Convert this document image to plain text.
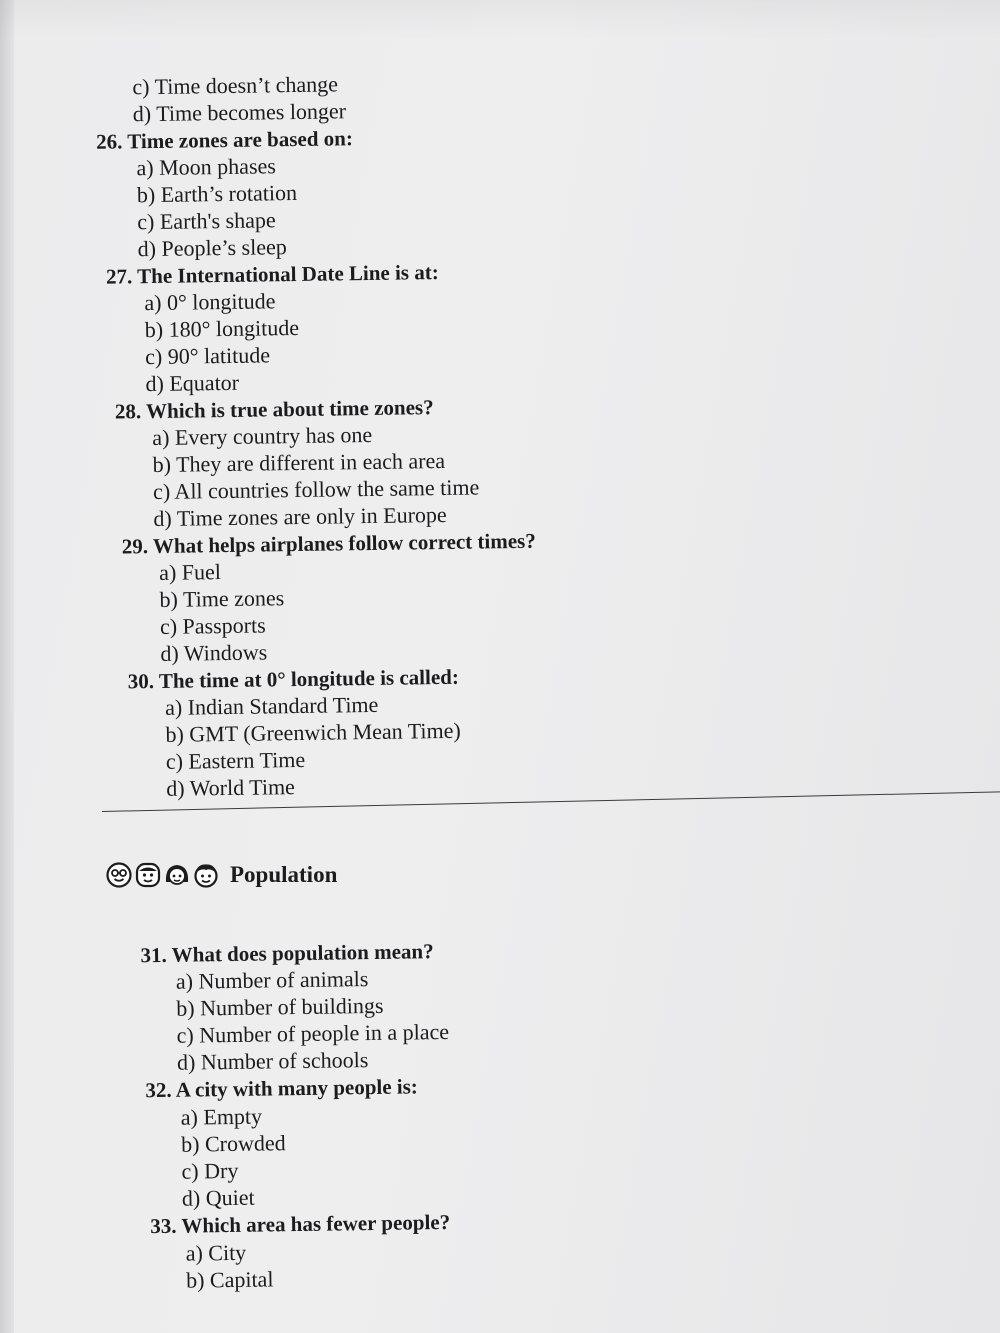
c) Time doesn’t change
d) Time becomes longer
26. Time zones are based on:
a) Moon phases
b) Earth’s rotation
c) Earth's shape
d) People’s sleep
27. The International Date Line is at:
a) 0° longitude
b) 180° longitude
c) 90° latitude
d) Equator
28. Which is true about time zones?
a) Every country has one
b) They are different in each area
c) All countries follow the same time
d) Time zones are only in Europe
29. What helps airplanes follow correct times?
a) Fuel
b) Time zones
c) Passports
d) Windows
30. The time at 0° longitude is called:
a) Indian Standard Time
b) GMT (Greenwich Mean Time)
c) Eastern Time
d) World Time
31. What does population mean?
a) Number of animals
b) Number of buildings
c) Number of people in a place
d) Number of schools
32. A city with many people is:
a) Empty
b) Crowded
c) Dry
d) Quiet
33. Which area has fewer people?
a) City
b) Capital
Population
